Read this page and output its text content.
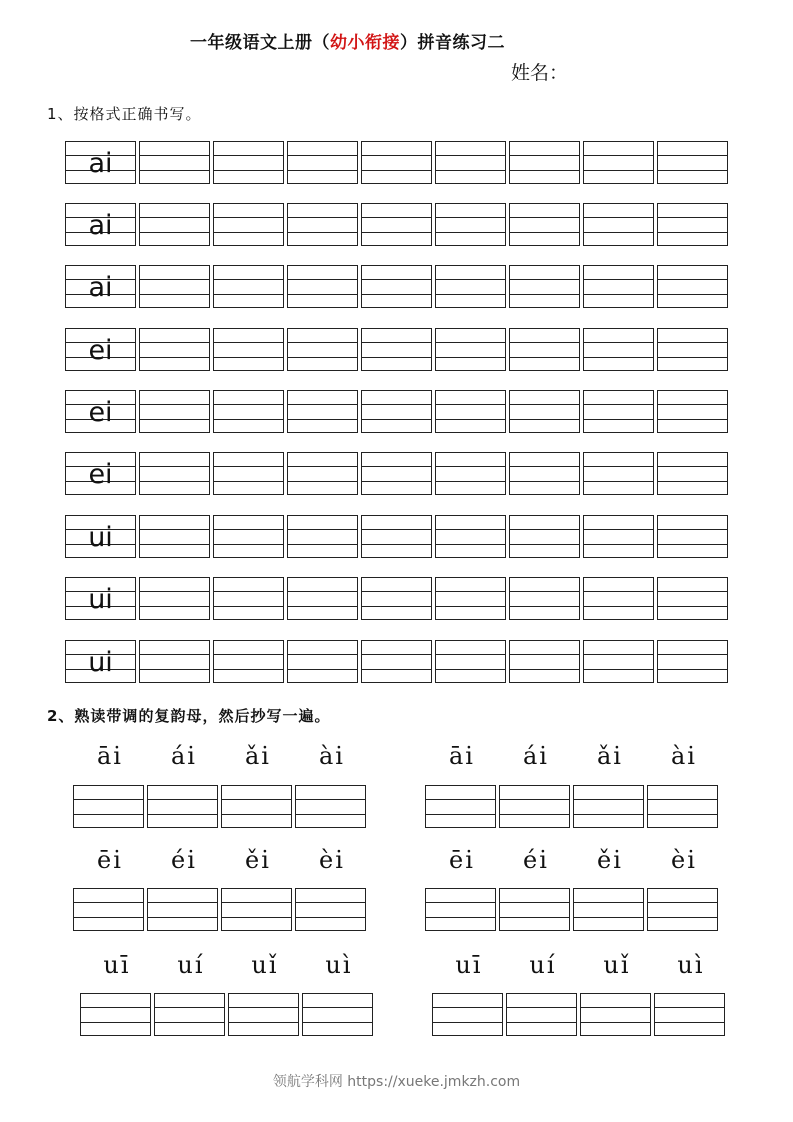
一年级语文上册（幼小衔接）拼音练习二
姓名：
1、按格式正确书写。
ai
ai
ai
ei
ei
ei
ui
ui
ui
2、熟读带调的复韵母，然后抄写一遍。
āi	ái	ǎi	ài	āi	ái	ǎi	ài
ēi	éi	ěi	èi	ēi	éi	ěi	èi
uī	uí	uǐ	uì	uī	uí	uǐ	uì
领航学科网 https://xueke.jmkzh.com
